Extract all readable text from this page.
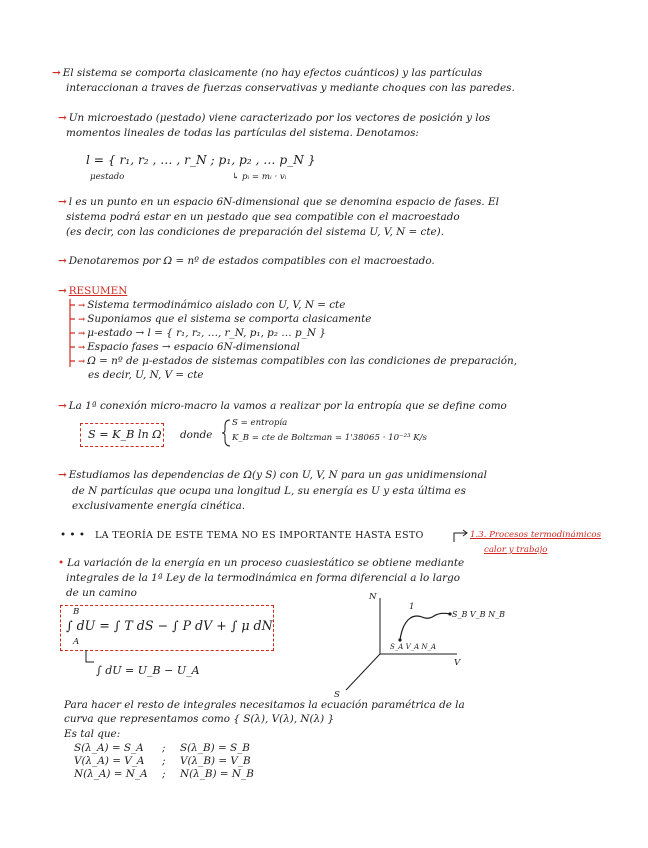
→ El sistema se comporta clasicamente (no hay efectos cuánticos) y las partículas
interaccionan a traves de fuerzas conservativas y mediante choques con las paredes.
→ Un microestado (μestado) viene caracterizado por los vectores de posición y los
momentos lineales de todas las partículas del sistema. Denotamos:
l = { r₁, r₂ , … , r_N ; p₁, p₂ , … p_N }
μestado	↳ pᵢ = mᵢ · vᵢ
→ l es un punto en un espacio 6N-dimensional que se denomina espacio de fases. El
sistema podrá estar en un μestado que sea compatible con el macroestado
(es decir, con las condiciones de preparación del sistema U, V, N = cte).
→ Denotaremos por Ω = nº de estados compatibles con el macroestado.
→ RESUMEN
→ Sistema termodinámico aislado con U, V, N = cte
→ Suponiamos que el sistema se comporta clasicamente
→ μ-estado → l = { r₁, r₂, …, r_N, p₁, p₂ … p_N }
→ Espacio fases → espacio 6N-dimensional
→ Ω = nº de μ-estados de sistemas compatibles con las condiciones de preparación,
es decir, U, N, V = cte
→ La 1ª conexión micro-macro la vamos a realizar por la entropía que se define como
S = K_B ln Ω donde
S = entropía
K_B = cte de Boltzman = 1'38065 · 10⁻²³ K/s
→ Estudiamos las dependencias de Ω(y S) con U, V, N para un gas unidimensional
de N partículas que ocupa una longitud L, su energía es U y esta última es
exclusivamente energía cinética.
• • • LA TEORÍA DE ESTE TEMA NO ES IMPORTANTE HASTA ESTO	1.3. Procesos termodinámicos
calor y trabajo
• La variación de la energía en un proceso cuasiestático se obtiene mediante
integrales de la 1ª Ley de la termodinámica en forma diferencial a lo largo
de un camino
B
∫ dU = ∫ T dS − ∫ P dV + ∫ μ dN
A
∫ dU = U_B − U_A
N
V
S
1
S_B V_B N_B
S_A V_A N_A
Para hacer el resto de integrales necesitamos la ecuación paramétrica de la
curva que representamos como { S(λ), V(λ), N(λ) }
Es tal que:
S(λ_A) = S_A
V(λ_A) = V_A
N(λ_A) = N_A
;
;
;
S(λ_B) = S_B
V(λ_B) = V_B
N(λ_B) = N_B
